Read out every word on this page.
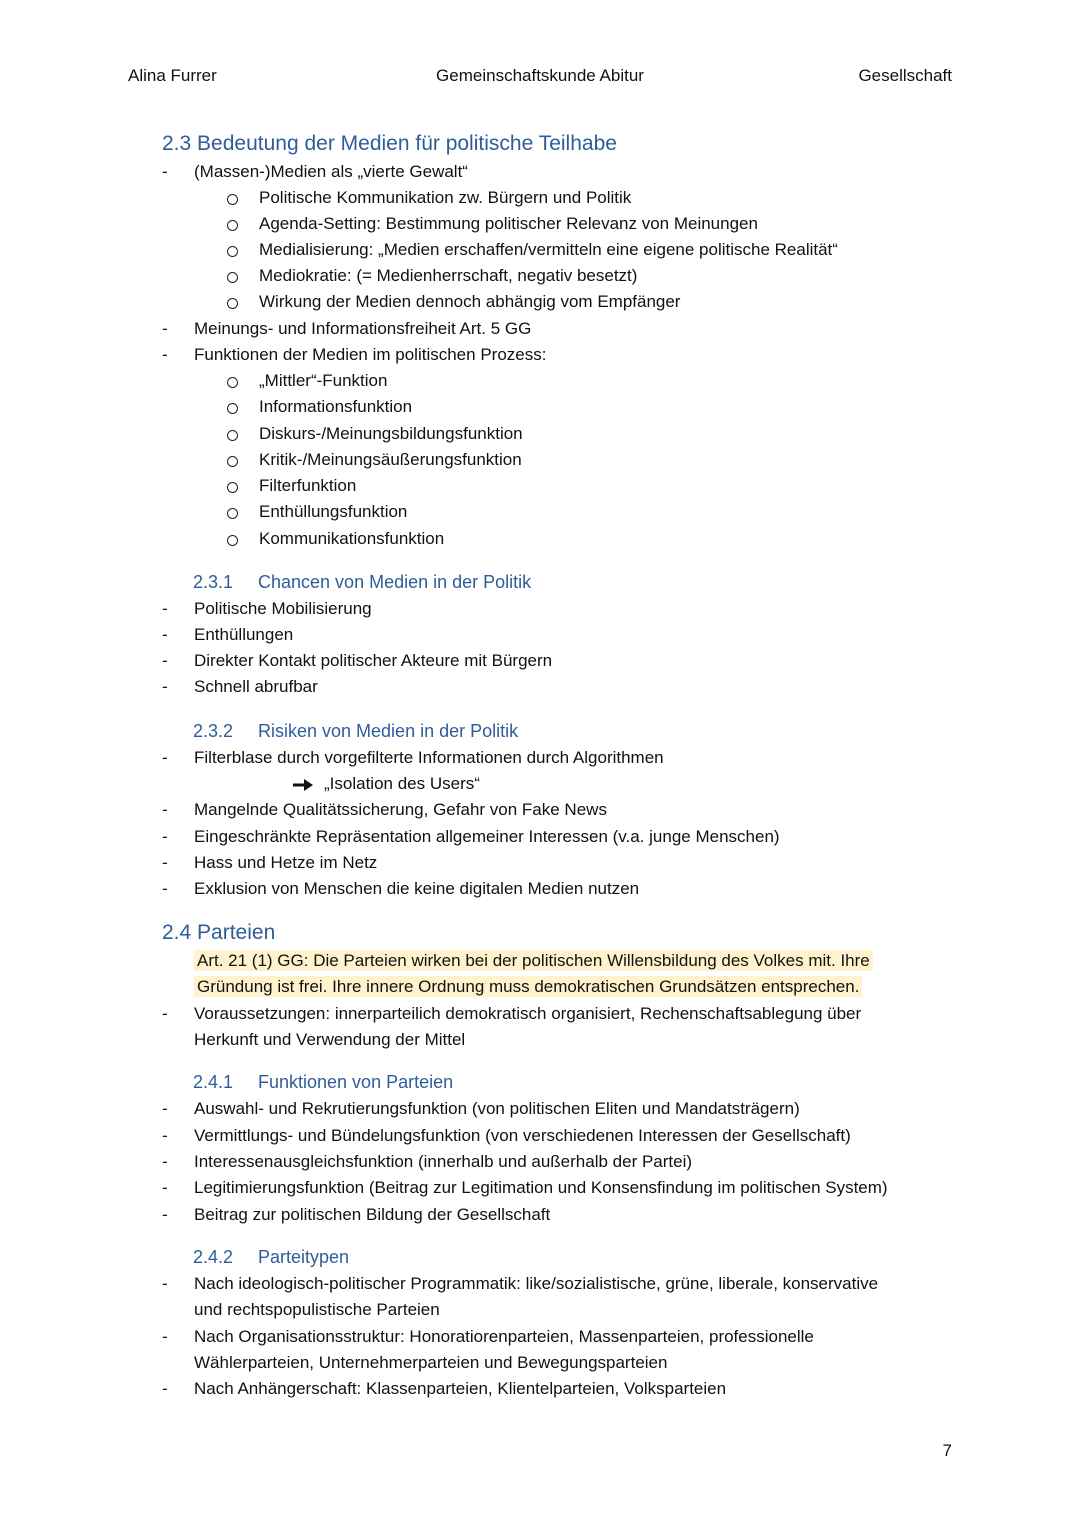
Alina Furrer	Gemeinschaftskunde Abitur	Gesellschaft
2.3 Bedeutung der Medien für politische Teilhabe
- (Massen-)Medien als „vierte Gewalt“
Politische Kommunikation zw. Bürgern und Politik
Agenda-Setting: Bestimmung politischer Relevanz von Meinungen
Medialisierung: „Medien erschaffen/vermitteln eine eigene politische Realität“
Mediokratie: (= Medienherrschaft, negativ besetzt)
Wirkung der Medien dennoch abhängig vom Empfänger
- Meinungs- und Informationsfreiheit Art. 5 GG
- Funktionen der Medien im politischen Prozess:
„Mittler“-Funktion
Informationsfunktion
Diskurs-/Meinungsbildungsfunktion
Kritik-/Meinungsäußerungsfunktion
Filterfunktion
Enthüllungsfunktion
Kommunikationsfunktion
2.3.1 Chancen von Medien in der Politik
- Politische Mobilisierung
- Enthüllungen
- Direkter Kontakt politischer Akteure mit Bürgern
- Schnell abrufbar
2.3.2 Risiken von Medien in der Politik
- Filterblase durch vorgefilterte Informationen durch Algorithmen
„Isolation des Users“
- Mangelnde Qualitätssicherung, Gefahr von Fake News
- Eingeschränkte Repräsentation allgemeiner Interessen (v.a. junge Menschen)
- Hass und Hetze im Netz
- Exklusion von Menschen die keine digitalen Medien nutzen
2.4 Parteien
Art. 21 (1) GG: Die Parteien wirken bei der politischen Willensbildung des Volkes mit. Ihre
Gründung ist frei. Ihre innere Ordnung muss demokratischen Grundsätzen entsprechen.
- Voraussetzungen: innerparteilich demokratisch organisiert, Rechenschaftsablegung über
Herkunft und Verwendung der Mittel
2.4.1 Funktionen von Parteien
- Auswahl- und Rekrutierungsfunktion (von politischen Eliten und Mandatsträgern)
- Vermittlungs- und Bündelungsfunktion (von verschiedenen Interessen der Gesellschaft)
- Interessenausgleichsfunktion (innerhalb und außerhalb der Partei)
- Legitimierungsfunktion (Beitrag zur Legitimation und Konsensfindung im politischen System)
- Beitrag zur politischen Bildung der Gesellschaft
2.4.2 Parteitypen
- Nach ideologisch-politischer Programmatik: like/sozialistische, grüne, liberale, konservative
und rechtspopulistische Parteien
- Nach Organisationsstruktur: Honoratiorenparteien, Massenparteien, professionelle
Wählerparteien, Unternehmerparteien und Bewegungsparteien
- Nach Anhängerschaft: Klassenparteien, Klientelparteien, Volksparteien
7
